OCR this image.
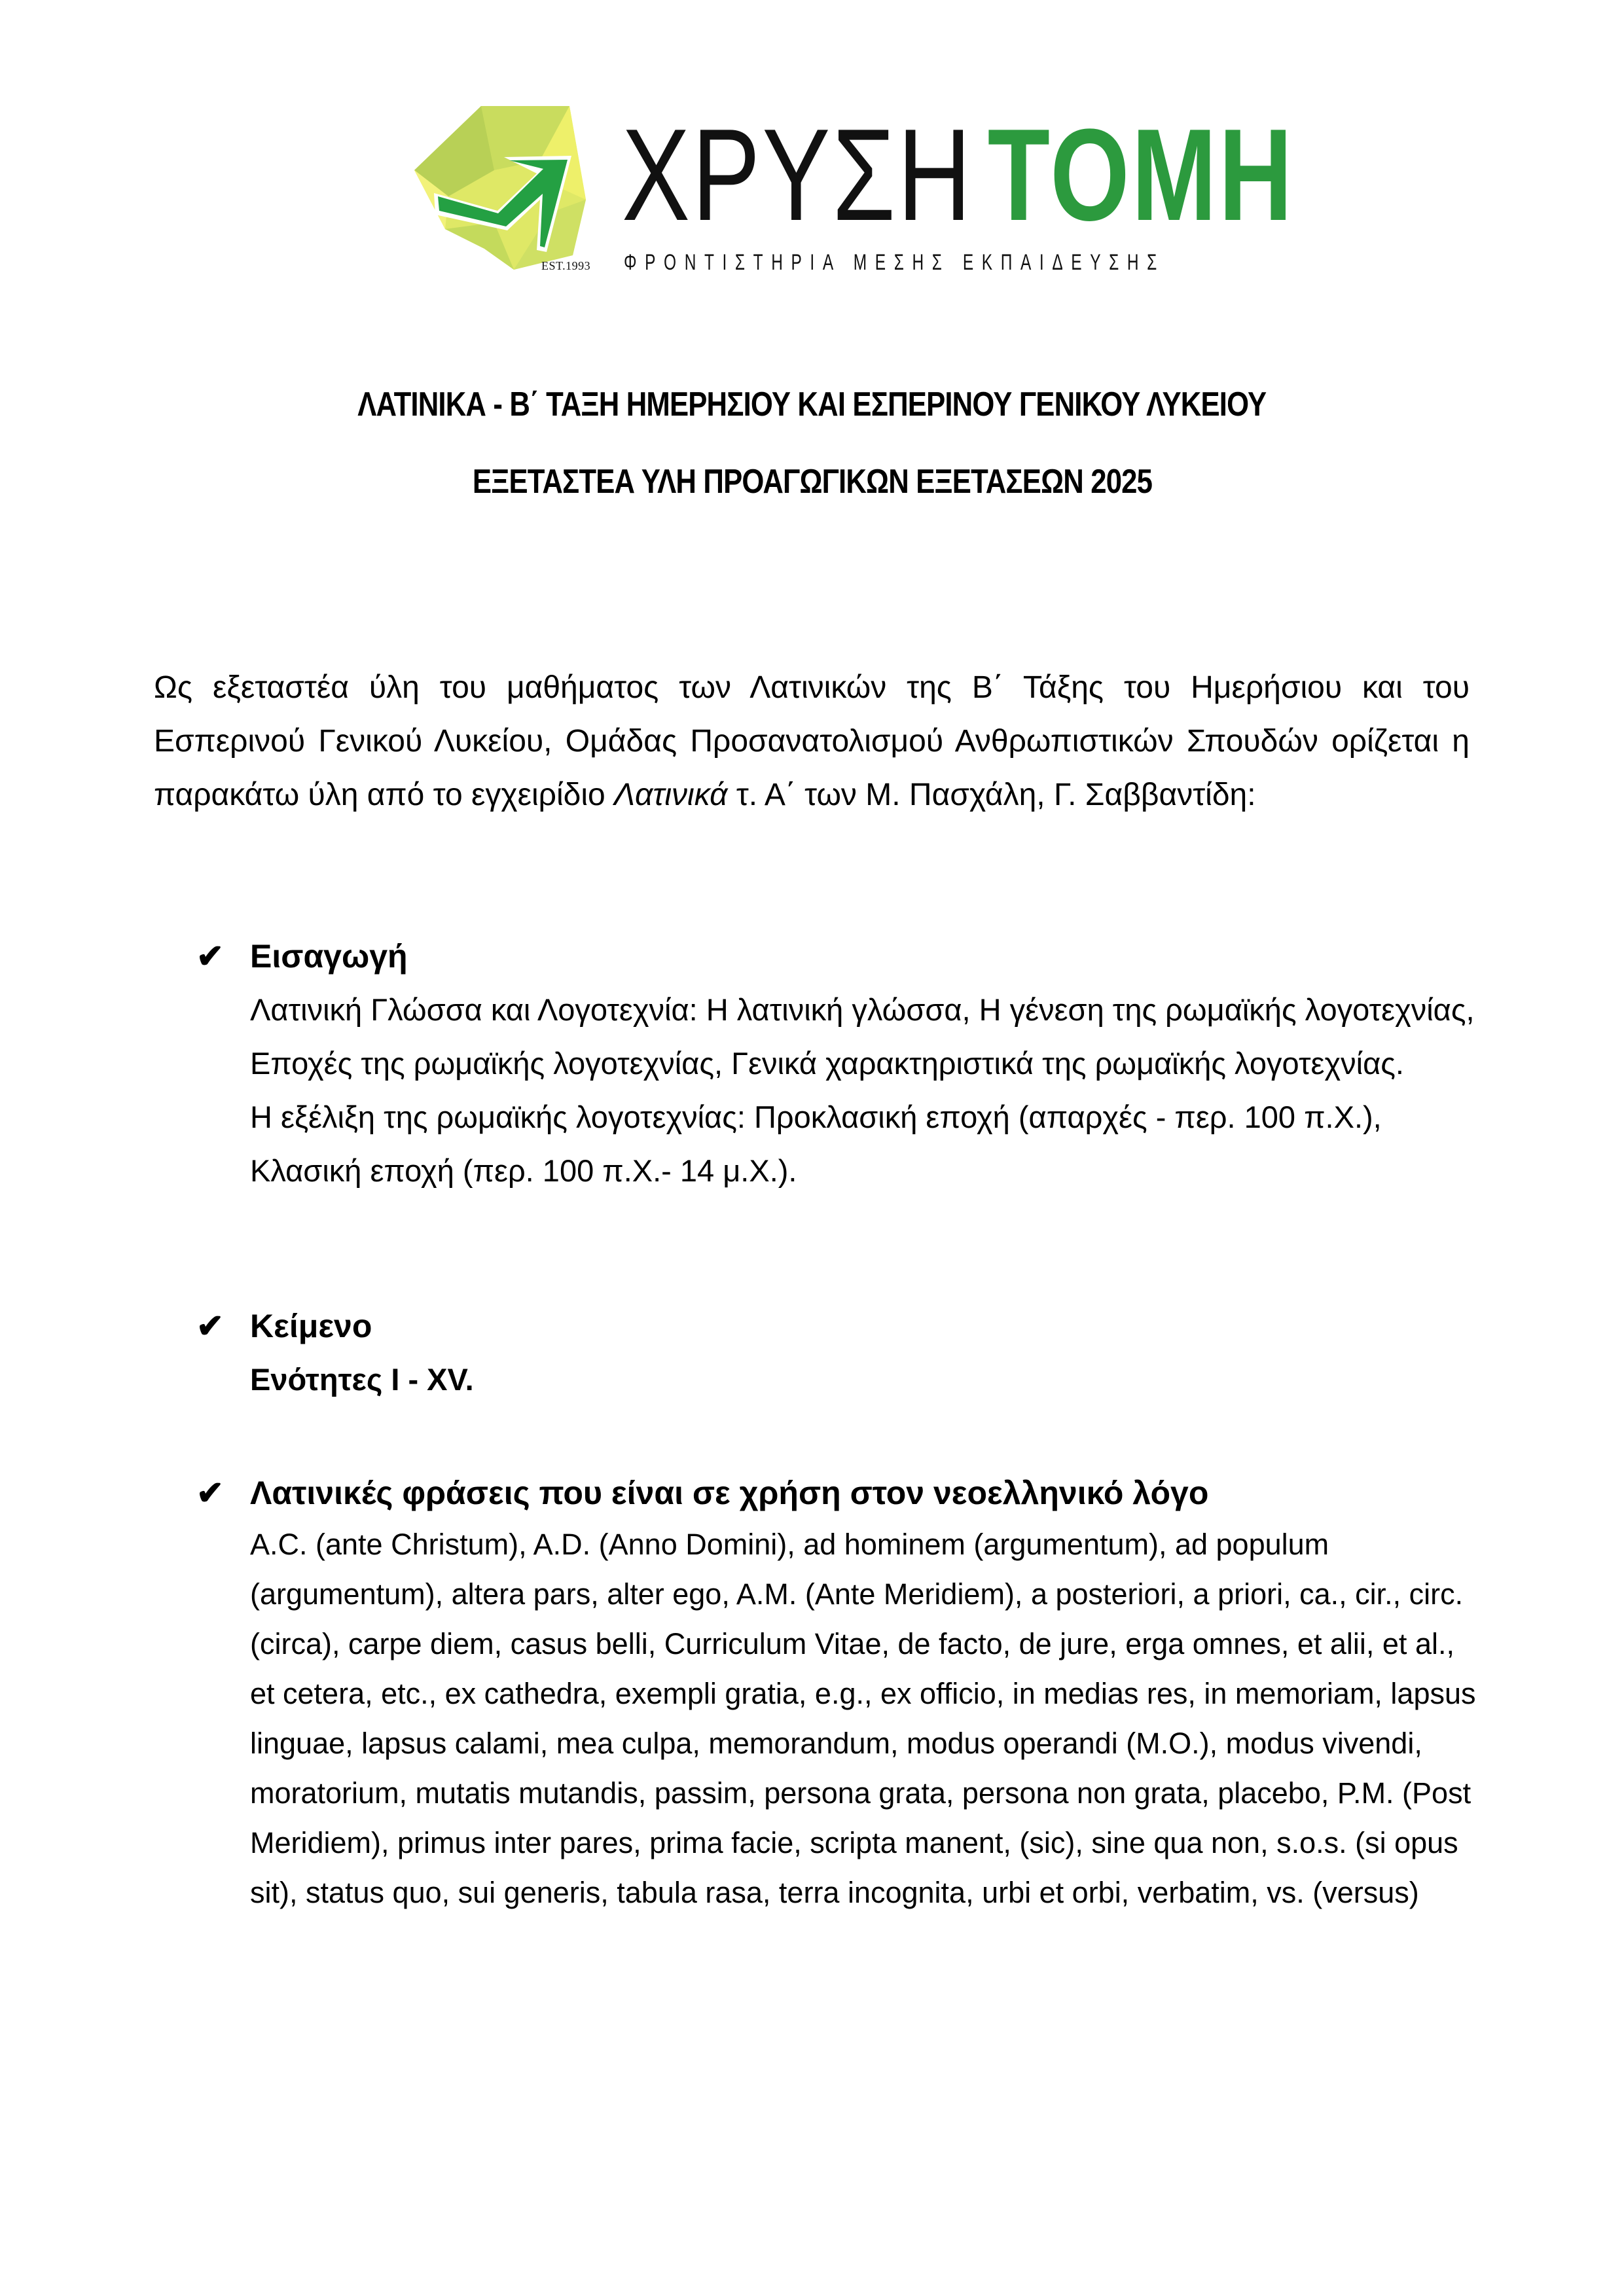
EST.1993
ΧΡΥΣΗ ΤΟΜΗ
ΦΡΟΝΤΙΣΤΗΡΙΑ ΜΕΣΗΣ ΕΚΠΑΙΔΕΥΣΗΣ
ΛΑΤΙΝΙΚΑ - Β΄ ΤΑΞΗ ΗΜΕΡΗΣΙΟΥ ΚΑΙ ΕΣΠΕΡΙΝΟΥ ΓΕΝΙΚΟΥ ΛΥΚΕΙΟΥ
ΕΞΕΤΑΣΤΕΑ ΥΛΗ ΠΡΟΑΓΩΓΙΚΩΝ ΕΞΕΤΑΣΕΩΝ 2025
Ως εξεταστέα ύλη του μαθήματος των Λατινικών της Β΄ Τάξης του Ημερήσιου και του Εσπερινού Γενικού Λυκείου, Ομάδας Προσανατολισμού Ανθρωπιστικών Σπουδών ορίζεται η παρακάτω ύλη από το εγχειρίδιο Λατινικά τ. Α΄ των Μ. Πασχάλη, Γ. Σαββαντίδη:
✔ Εισαγωγή

Λατινική Γλώσσα και Λογοτεχνία: Η λατινική γλώσσα, Η γένεση της ρωμαϊκής λογοτεχνίας, Εποχές της ρωμαϊκής λογοτεχνίας, Γενικά χαρακτηριστικά της ρωμαϊκής λογοτεχνίας.

Η εξέλιξη της ρωμαϊκής λογοτεχνίας: Προκλασική εποχή (απαρχές - περ. 100 π.Χ.), Κλασική εποχή (περ. 100 π.Χ.- 14 μ.Χ.).

✔ Κείμενο

Ενότητες I - XV.

✔ Λατινικές φράσεις που είναι σε χρήση στον νεοελληνικό λόγο

A.C. (ante Christum), A.D. (Anno Domini), ad hominem (argumentum), ad populum (argumentum), altera pars, alter ego, A.M. (Ante Meridiem), a posteriori, a priori, ca., cir., circ. (circa), carpe diem, casus belli, Curriculum Vitae, de facto, de jure, erga omnes, et alii, et al., et cetera, etc., ex cathedra, exempli gratia, e.g., ex officio, in medias res, in memoriam, lapsus linguae, lapsus calami, mea culpa, memorandum, modus operandi (M.O.), modus vivendi, moratorium, mutatis mutandis, passim, persona grata, persona non grata, placebo, P.M. (Post Meridiem), primus inter pares, prima facie, scripta manent, (sic), sine qua non, s.o.s. (si opus sit), status quo, sui generis, tabula rasa, terra incognita, urbi et orbi, verbatim, vs. (versus)
